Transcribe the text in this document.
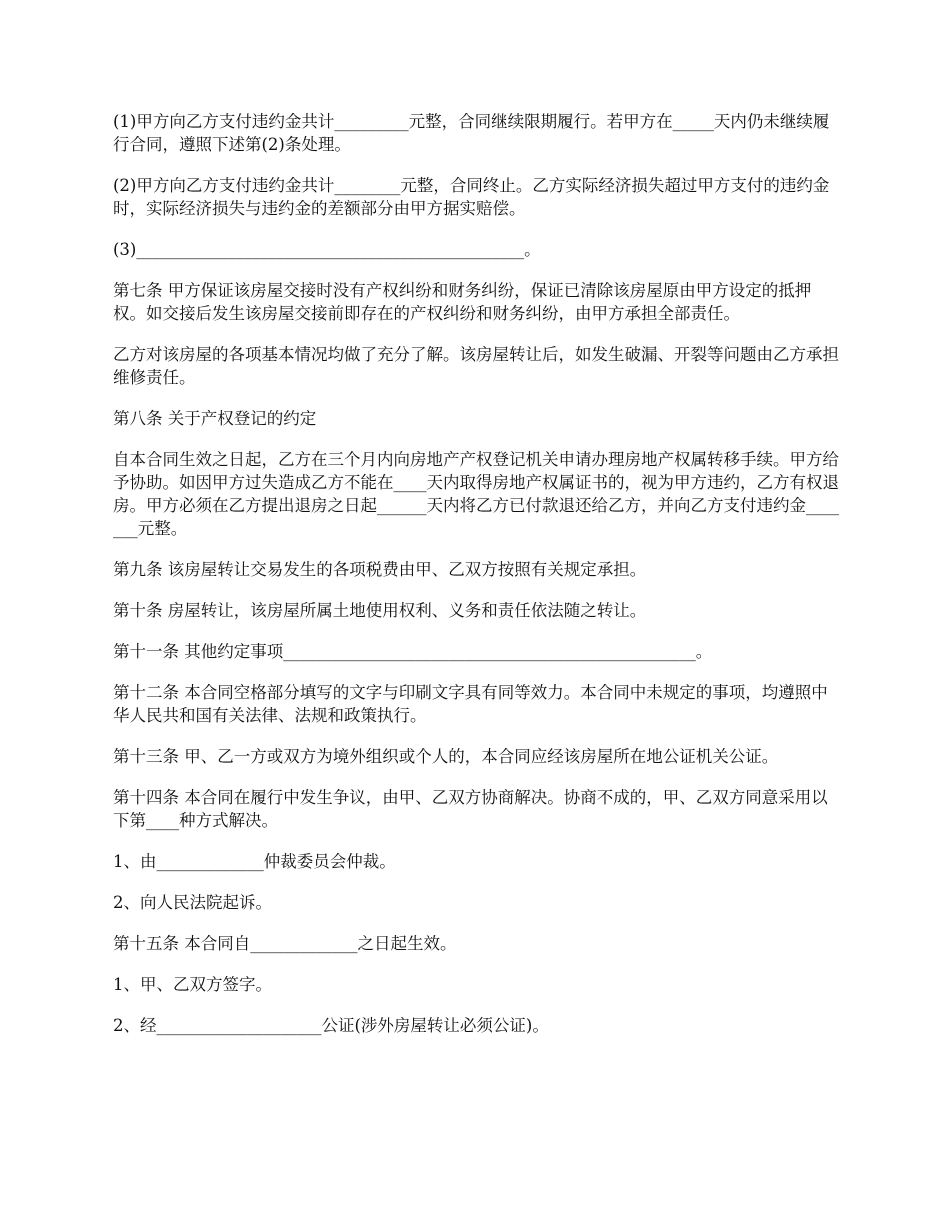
(1)甲方向乙方支付违约金共计_________元整，合同继续限期履行。若甲方在_____天内仍未继续履行合同，遵照下述第(2)条处理。

(2)甲方向乙方支付违约金共计________元整，合同终止。乙方实际经济损失超过甲方支付的违约金时，实际经济损失与违约金的差额部分由甲方据实赔偿。

(3)_______________________________________________。

第七条 甲方保证该房屋交接时没有产权纠纷和财务纠纷，保证已清除该房屋原由甲方设定的抵押权。如交接后发生该房屋交接前即存在的产权纠纷和财务纠纷，由甲方承担全部责任。

乙方对该房屋的各项基本情况均做了充分了解。该房屋转让后，如发生破漏、开裂等问题由乙方承担维修责任。

第八条 关于产权登记的约定

自本合同生效之日起，乙方在三个月内向房地产产权登记机关申请办理房地产权属转移手续。甲方给予协助。如因甲方过失造成乙方不能在____天内取得房地产权属证书的，视为甲方违约，乙方有权退房。甲方必须在乙方提出退房之日起______天内将乙方已付款退还给乙方，并向乙方支付违约金_______元整。

第九条 该房屋转让交易发生的各项税费由甲、乙双方按照有关规定承担。

第十条 房屋转让，该房屋所属土地使用权利、义务和责任依法随之转让。

第十一条 其他约定事项__________________________________________________。

第十二条 本合同空格部分填写的文字与印刷文字具有同等效力。本合同中未规定的事项，均遵照中华人民共和国有关法律、法规和政策执行。

第十三条 甲、乙一方或双方为境外组织或个人的，本合同应经该房屋所在地公证机关公证。

第十四条 本合同在履行中发生争议，由甲、乙双方协商解决。协商不成的，甲、乙双方同意采用以下第____种方式解决。

1、由_____________仲裁委员会仲裁。

2、向人民法院起诉。

第十五条 本合同自_____________之日起生效。

1、甲、乙双方签字。

2、经____________________公证(涉外房屋转让必须公证)。
